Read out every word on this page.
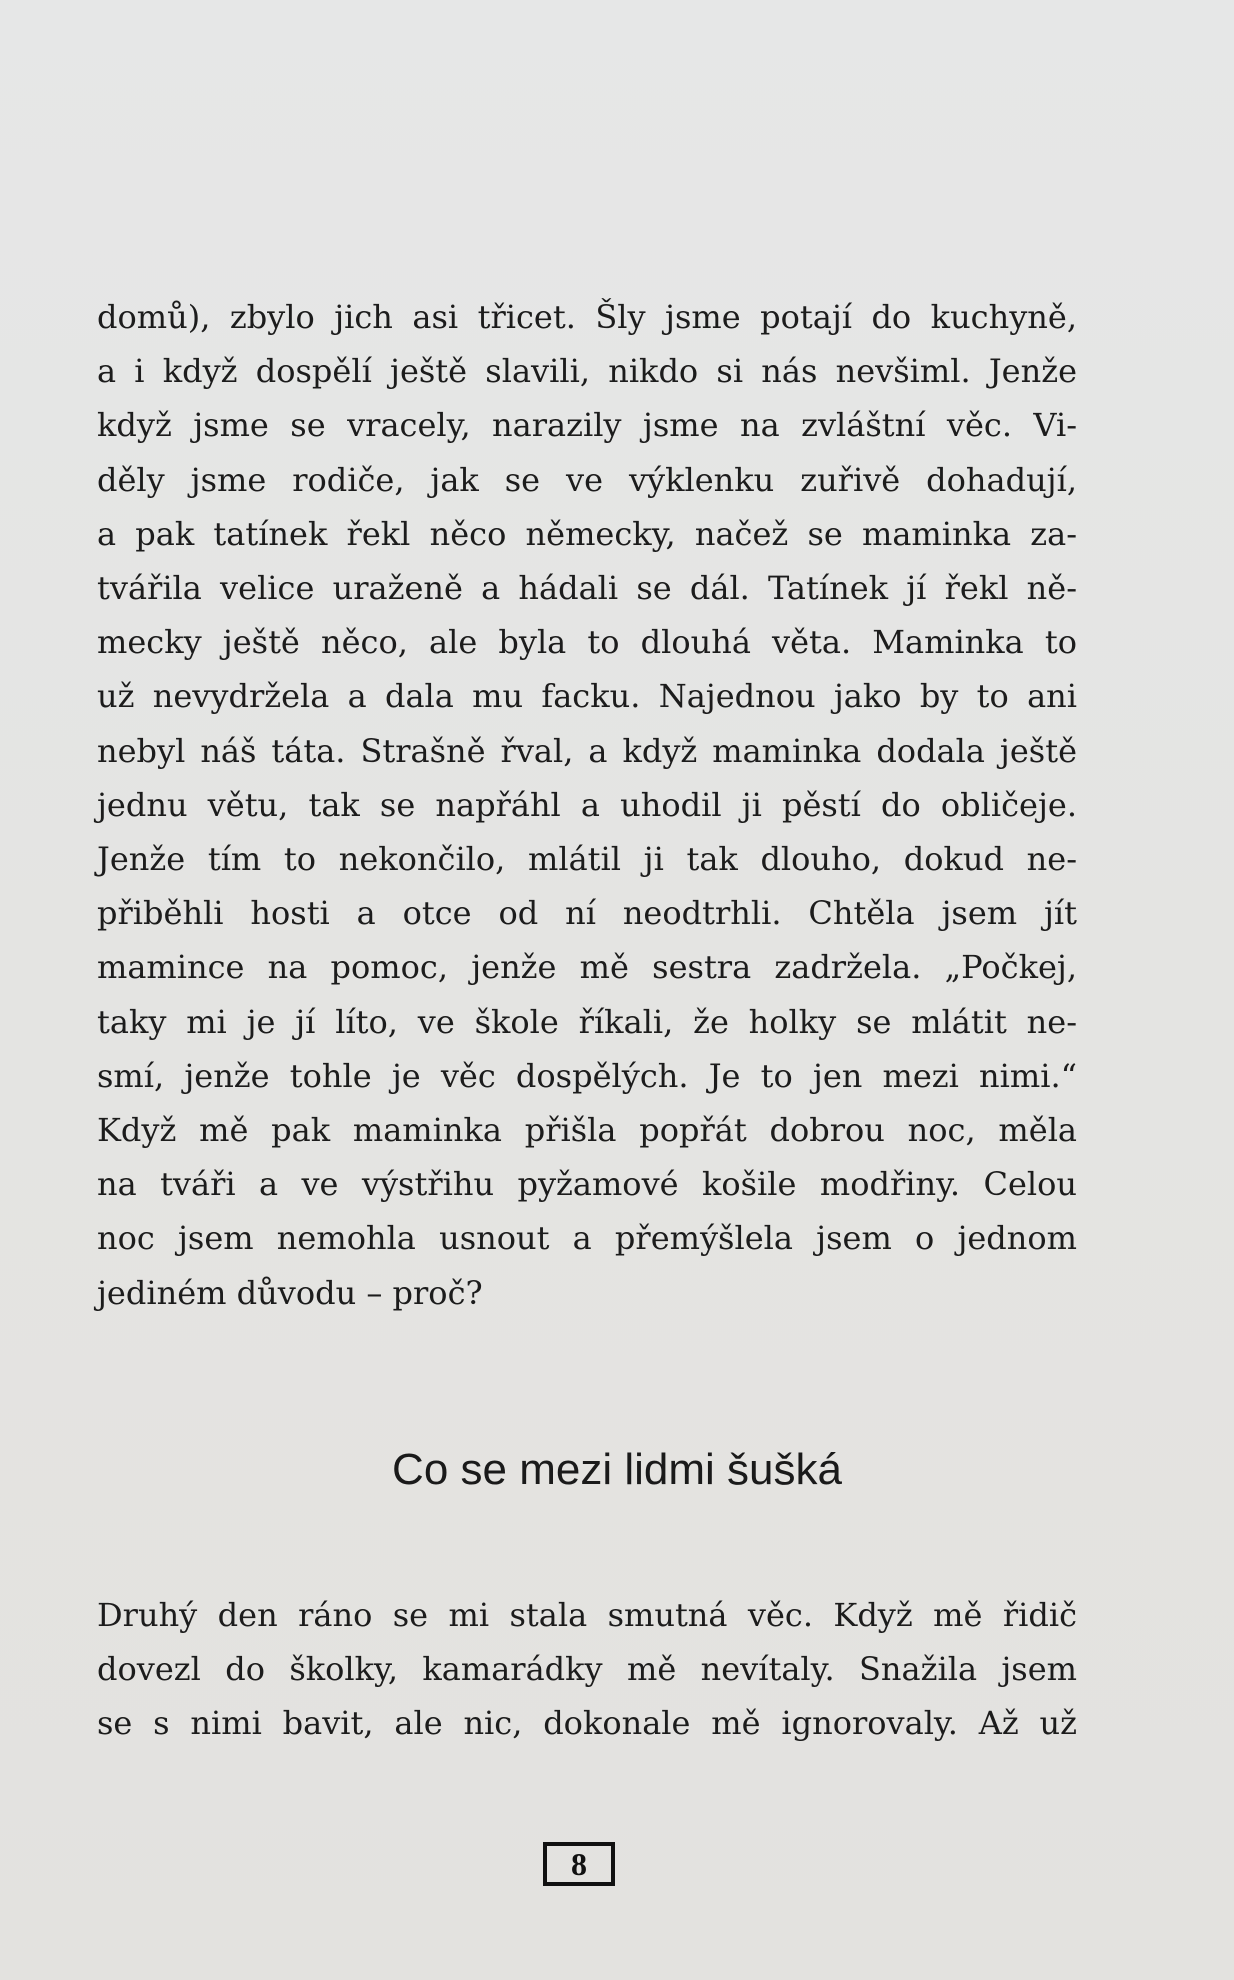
domů), zbylo jich asi třicet. Šly jsme potají do kuchyně,
a i když dospělí ještě slavili, nikdo si nás nevšiml. Jenže
když jsme se vracely, narazily jsme na zvláštní věc. Vi-
děly jsme rodiče, jak se ve výklenku zuřivě dohadují,
a pak tatínek řekl něco německy, načež se maminka za-
tvářila velice uraženě a hádali se dál. Tatínek jí řekl ně-
mecky ještě něco, ale byla to dlouhá věta. Maminka to
už nevydržela a dala mu facku. Najednou jako by to ani
nebyl náš táta. Strašně řval, a když maminka dodala ještě
jednu větu, tak se napřáhl a uhodil ji pěstí do obličeje.
Jenže tím to nekončilo, mlátil ji tak dlouho, dokud ne-
přiběhli hosti a otce od ní neodtrhli. Chtěla jsem jít
mamince na pomoc, jenže mě sestra zadržela. „Počkej,
taky mi je jí líto, ve škole říkali, že holky se mlátit ne-
smí, jenže tohle je věc dospělých. Je to jen mezi nimi.“
Když mě pak maminka přišla popřát dobrou noc, měla
na tváři a ve výstřihu pyžamové košile modřiny. Celou
noc jsem nemohla usnout a přemýšlela jsem o jednom
jediném důvodu – proč?
Co se mezi lidmi šušká
Druhý den ráno se mi stala smutná věc. Když mě řidič
dovezl do školky, kamarádky mě nevítaly. Snažila jsem
se s nimi bavit, ale nic, dokonale mě ignorovaly. Až už
8
